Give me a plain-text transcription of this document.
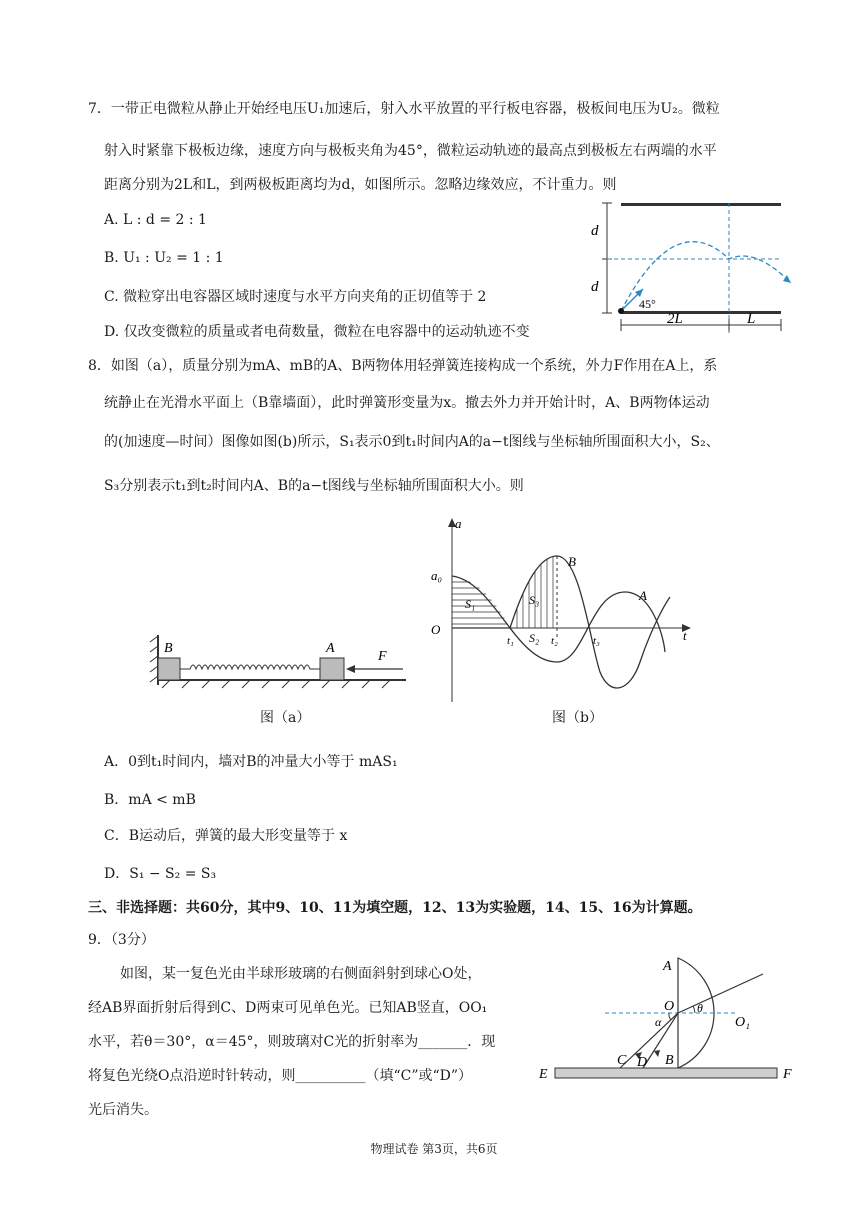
7．一带正电微粒从静止开始经电压U₁加速后，射入水平放置的平行板电容器，极板间电压为U₂。微粒
射入时紧靠下极板边缘，速度方向与极板夹角为45°，微粒运动轨迹的最高点到极板左右两端的水平
距离分别为2L和L，到两极板距离均为d，如图所示。忽略边缘效应，不计重力。则
A. L : d = 2 : 1
B. U₁ : U₂ = 1 : 1
C. 微粒穿出电容器区域时速度与水平方向夹角的正切值等于 2
D. 仅改变微粒的质量或者电荷数量，微粒在电容器中的运动轨迹不变
d
d
45°
2L	L
8．如图（a），质量分别为mA、mB的A、B两物体用轻弹簧连接构成一个系统，外力F作用在A上，系
统静止在光滑水平面上（B靠墙面），此时弹簧形变量为x。撤去外力并开始计时，A、B两物体运动
的(加速度—时间）图像如图(b)所示，S₁表示0到t₁时间内A的a−t图线与坐标轴所围面积大小，S₂、
S₃分别表示t₁到t₂时间内A、B的a−t图线与坐标轴所围面积大小。则
B	A
F
图（a）
a
t
a₀
O
S₁
S₂
S₃
t₁	t₂	t₃
A
B
图（b）
A．0到t₁时间内，墙对B的冲量大小等于 mAS₁
B．mA < mB
C．B运动后，弹簧的最大形变量等于 x
D．S₁ − S₂ = S₃
三、非选择题：共60分，其中9、10、11为填空题，12、13为实验题，14、15、16为计算题。
9．（3分）
如图，某一复色光由半球形玻璃的右侧面斜射到球心O处，
经AB界面折射后得到C、D两束可见单色光。已知AB竖直，OO₁
水平，若θ＝30°，α＝45°，则玻璃对C光的折射率为_______．现
将复色光绕O点沿逆时针转动，则__________（填“C”或“D”）
光后消失。
A
B
O
O₁
C D
E	F
θ
α
物理试卷 第3页，共6页
